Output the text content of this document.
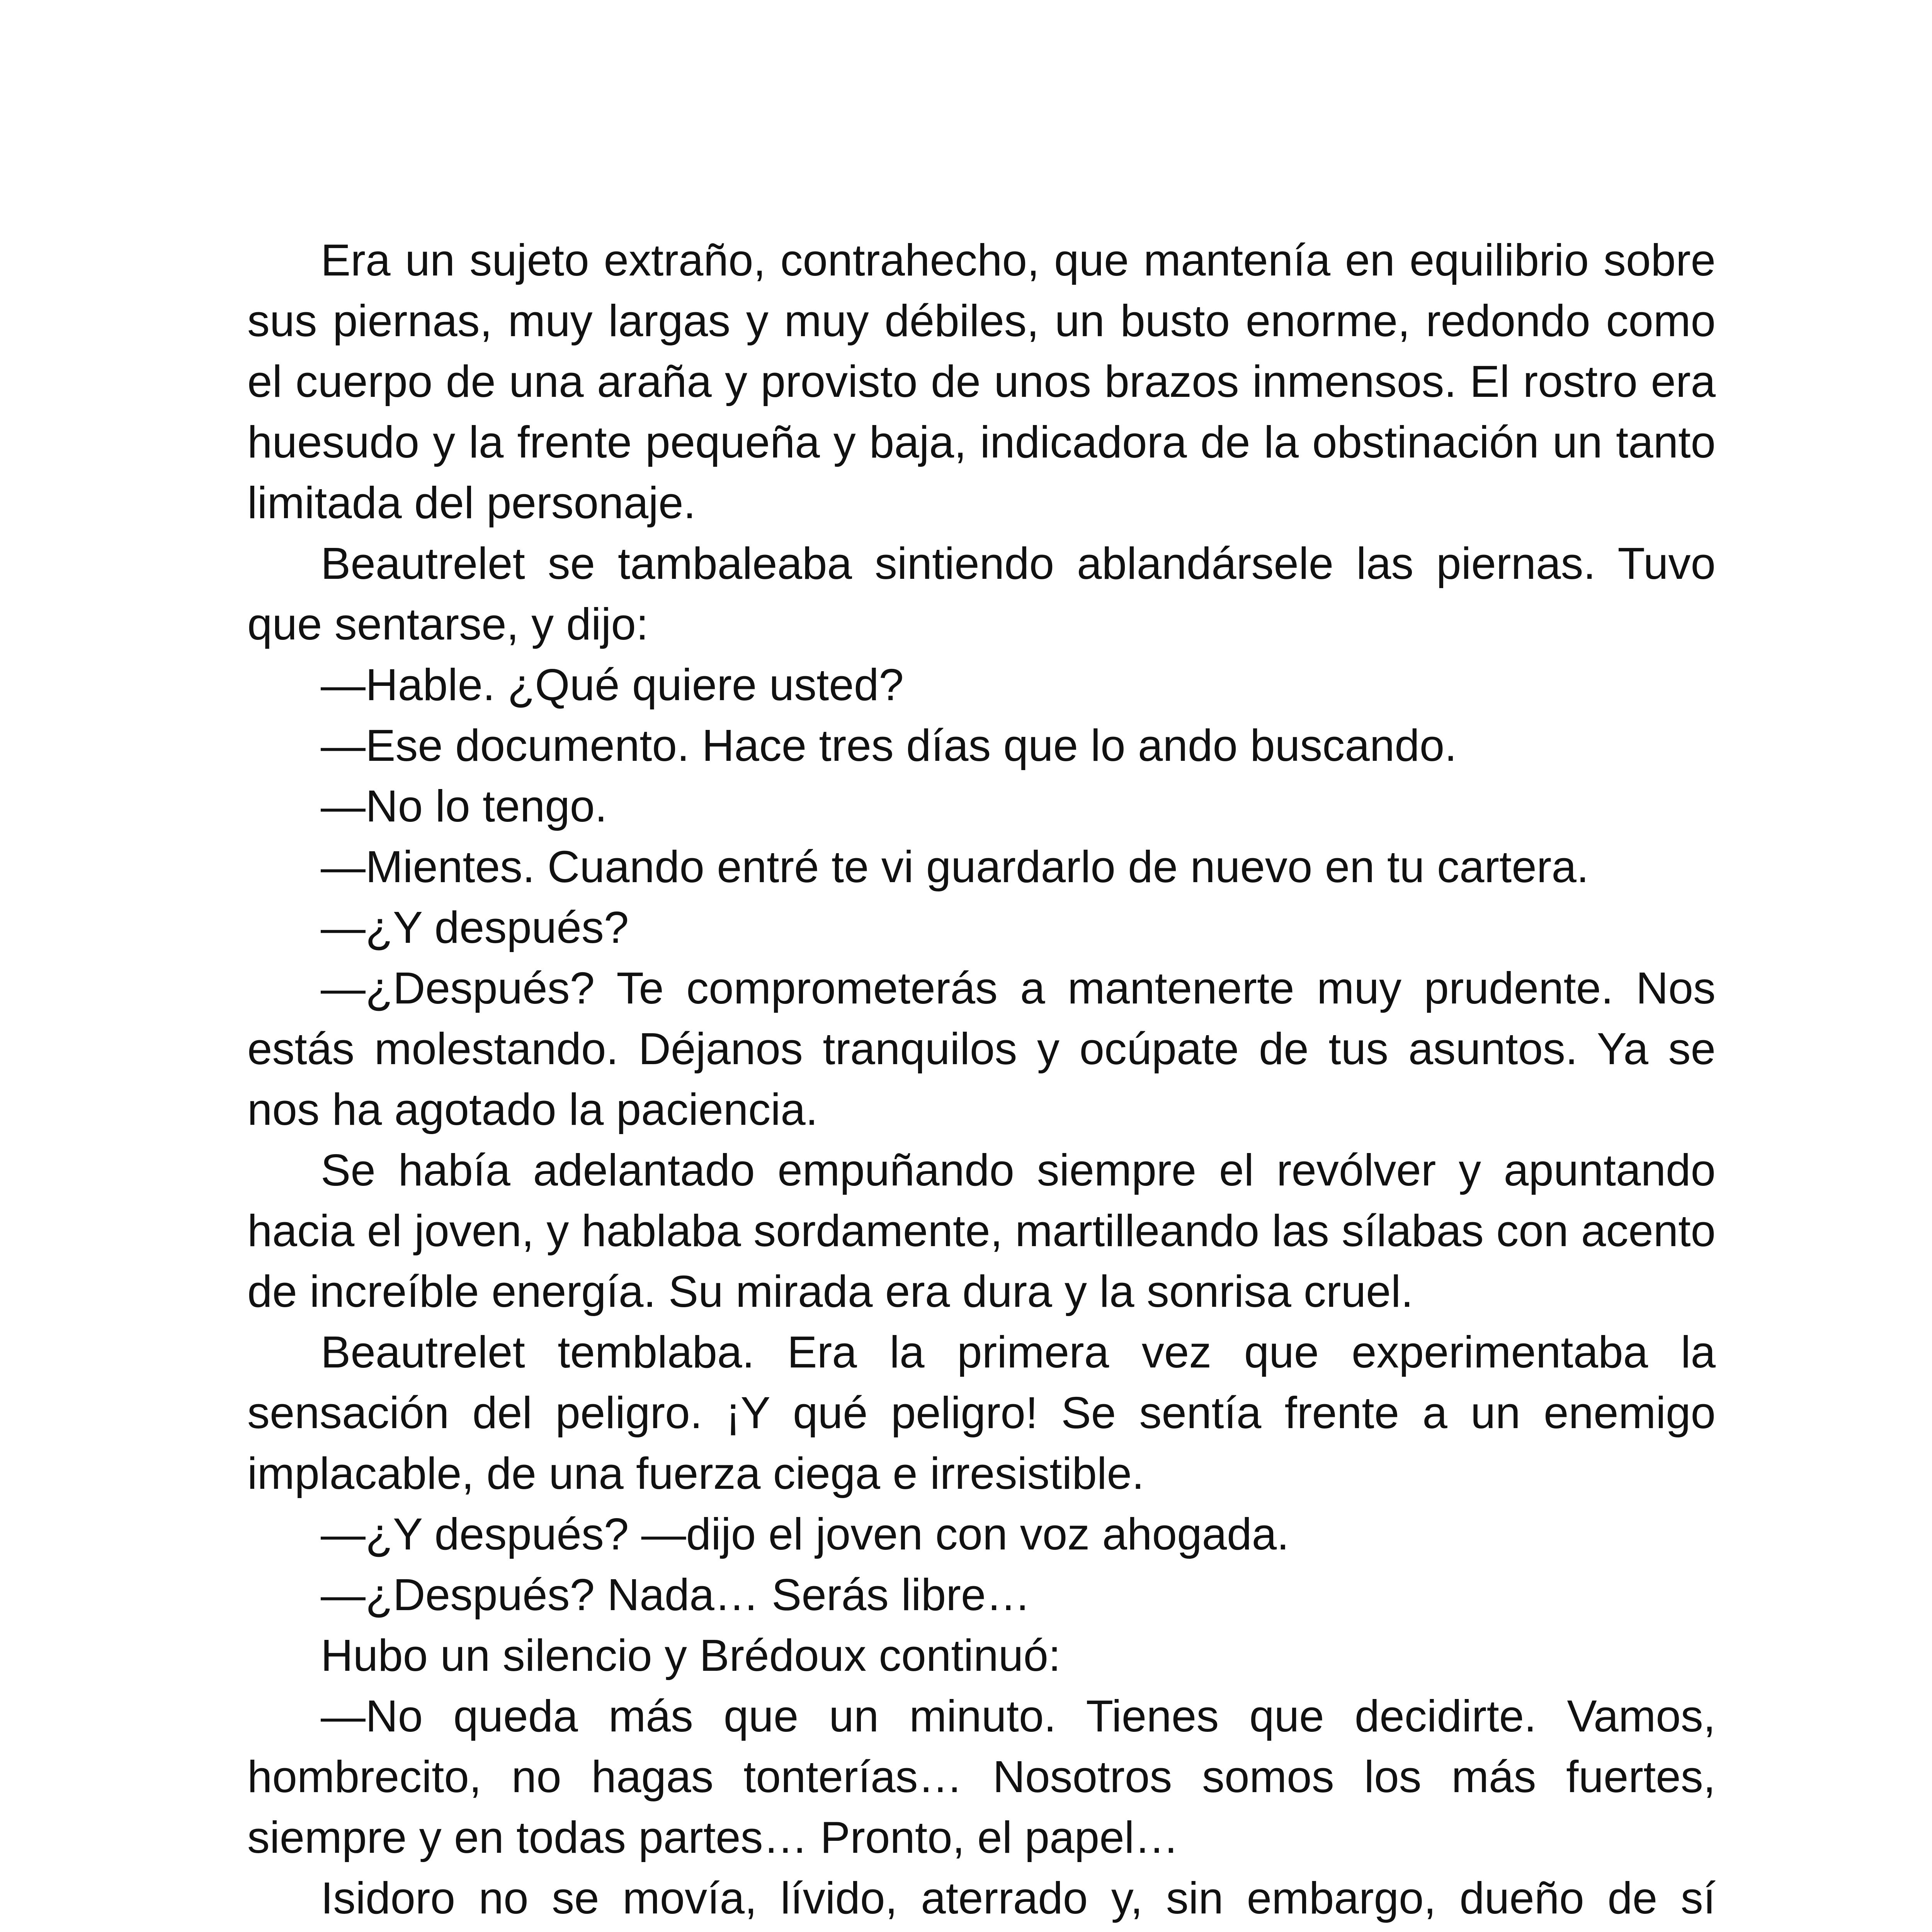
Era un sujeto extraño, contrahecho, que mantenía en equilibrio sobre sus piernas, muy largas y muy débiles, un busto enorme, redondo como el cuerpo de una araña y provisto de unos brazos inmensos. El rostro era huesudo y la frente pequeña y baja, indicadora de la obstinación un tanto limitada del personaje.

Beautrelet se tambaleaba sintiendo ablandársele las piernas. Tuvo que sentarse, y dijo:

—Hable. ¿Qué quiere usted?

—Ese documento. Hace tres días que lo ando buscando.

—No lo tengo.

—Mientes. Cuando entré te vi guardarlo de nuevo en tu cartera.

—¿Y después?

—¿Después? Te comprometerás a mantenerte muy prudente. Nos estás molestando. Déjanos tranquilos y ocúpate de tus asuntos. Ya se nos ha agotado la paciencia.

Se había adelantado empuñando siempre el revólver y apuntando hacia el joven, y hablaba sordamente, martilleando las sílabas con acento de increíble energía. Su mirada era dura y la sonrisa cruel.

Beautrelet temblaba. Era la primera vez que experimentaba la sensación del peligro. ¡Y qué peligro! Se sentía frente a un enemigo implacable, de una fuerza ciega e irresistible.

—¿Y después? —dijo el joven con voz ahogada.

—¿Después? Nada… Serás libre…

Hubo un silencio y Brédoux continuó:

—No queda más que un minuto. Tienes que decidirte. Vamos, hombrecito, no hagas tonterías… Nosotros somos los más fuertes, siempre y en todas partes… Pronto, el papel…

Isidoro no se movía, lívido, aterrado y, sin embargo, dueño de sí
